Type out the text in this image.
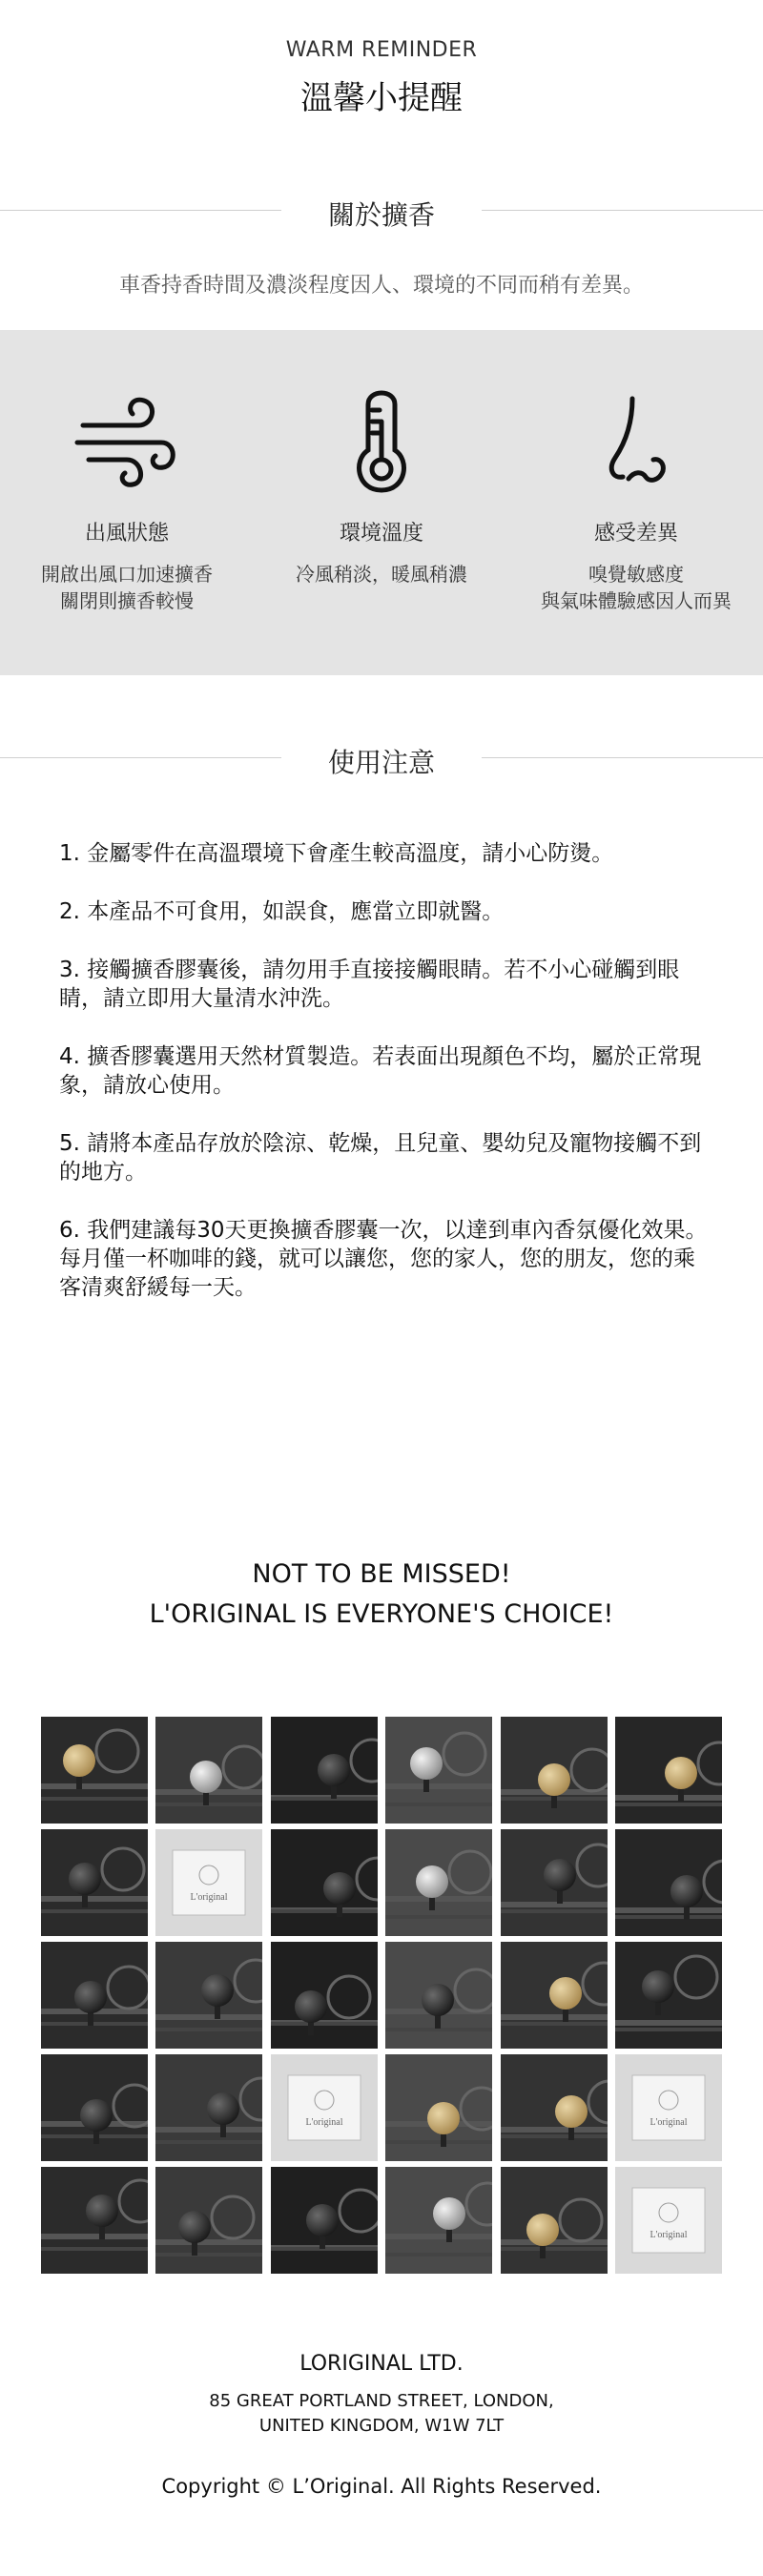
WARM REMINDER
溫馨小提醒
關於擴香
車香持香時間及濃淡程度因人、環境的不同而稍有差異。
出風狀態
開啟出風口加速擴香
關閉則擴香較慢
環境溫度
冷風稍淡，暖風稍濃
感受差異
嗅覺敏感度
與氣味體驗感因人而異
使用注意
1. 金屬零件在高溫環境下會產生較高溫度，請小心防燙。
2. 本產品不可食用，如誤食，應當立即就醫。
3. 接觸擴香膠囊後，請勿用手直接接觸眼睛。若不小心碰觸到眼睛，請立即用大量清水沖洗。
4. 擴香膠囊選用天然材質製造。若表面出現顏色不均，屬於正常現象，請放心使用。
5. 請將本產品存放於陰涼、乾燥，且兒童、嬰幼兒及寵物接觸不到的地方。
6. 我們建議每30天更換擴香膠囊一次，以達到車內香氛優化效果。 每月僅一杯咖啡的錢，就可以讓您，您的家人，您的朋友，您的乘客清爽舒緩每一天。
NOT TO BE MISSED!
L'ORIGINAL IS EVERYONE'S CHOICE!
L'original
L'original	L'original
L'original
LORIGINAL LTD.
85 GREAT PORTLAND STREET, LONDON,
UNITED KINGDOM, W1W 7LT
Copyright © L’Original. All Rights Reserved.
